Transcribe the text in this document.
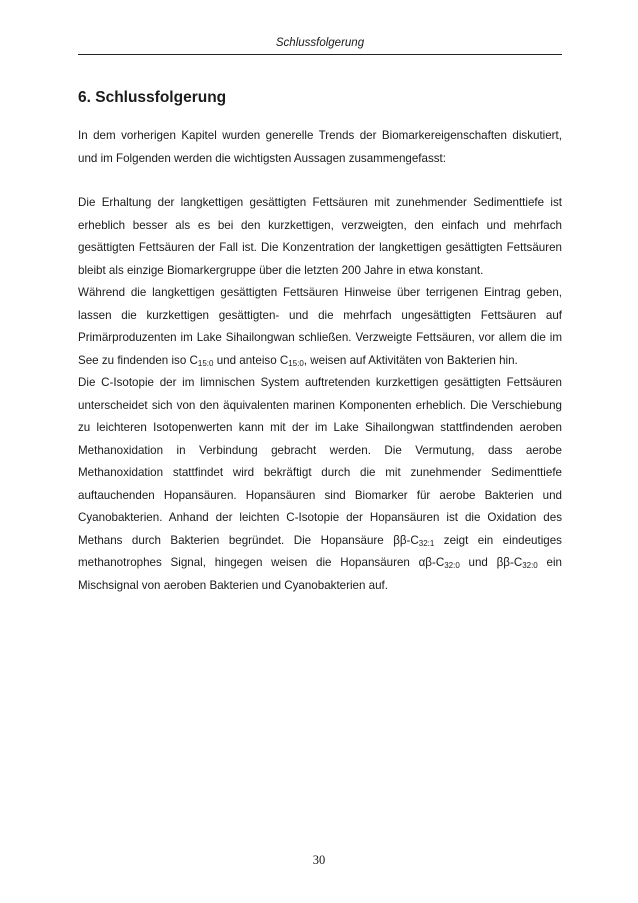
Schlussfolgerung
6. Schlussfolgerung

In dem vorherigen Kapitel wurden generelle Trends der Biomarkereigenschaften diskutiert, und im Folgenden werden die wichtigsten Aussagen zusammengefasst:

Die Erhaltung der langkettigen gesättigten Fettsäuren mit zunehmender Sedimenttiefe ist erheblich besser als es bei den kurzkettigen, verzweigten, den einfach und mehrfach gesättigten Fettsäuren der Fall ist. Die Konzentration der langkettigen gesättigten Fettsäuren bleibt als einzige Biomarkergruppe über die letzten 200 Jahre in etwa konstant.

Während die langkettigen gesättigten Fettsäuren Hinweise über terrigenen Eintrag geben, lassen die kurzkettigen gesättigten- und die mehrfach ungesättigten Fettsäuren auf Primärproduzenten im Lake Sihailongwan schließen. Verzweigte Fettsäuren, vor allem die im See zu findenden iso $C_{15:0}$ und anteiso $C_{15:0}$, weisen auf Aktivitäten von Bakterien hin.

Die C-Isotopie der im limnischen System auftretenden kurzkettigen gesättigten Fettsäuren unterscheidet sich von den äquivalenten marinen Komponenten erheblich. Die Verschiebung zu leichteren Isotopenwerten kann mit der im Lake Sihailongwan stattfindenden aeroben Methanoxidation in Verbindung gebracht werden. Die Vermutung, dass aerobe Methanoxidation stattfindet wird bekräftigt durch die mit zunehmender Sedimenttiefe auftauchenden Hopansäuren. Hopansäuren sind Biomarker für aerobe Bakterien und Cyanobakterien. Anhand der leichten C-Isotopie der Hopansäuren ist die Oxidation des Methans durch Bakterien begründet. Die Hopansäure $\beta\beta-C_{32:1}$ zeigt ein eindeutiges methanotrophes Signal, hingegen weisen die Hopansäuren $\alpha\beta-C_{32:0}$ und $\beta\beta-C_{32:0}$ ein Mischsignal von aeroben Bakterien und Cyanobakterien auf.

30
